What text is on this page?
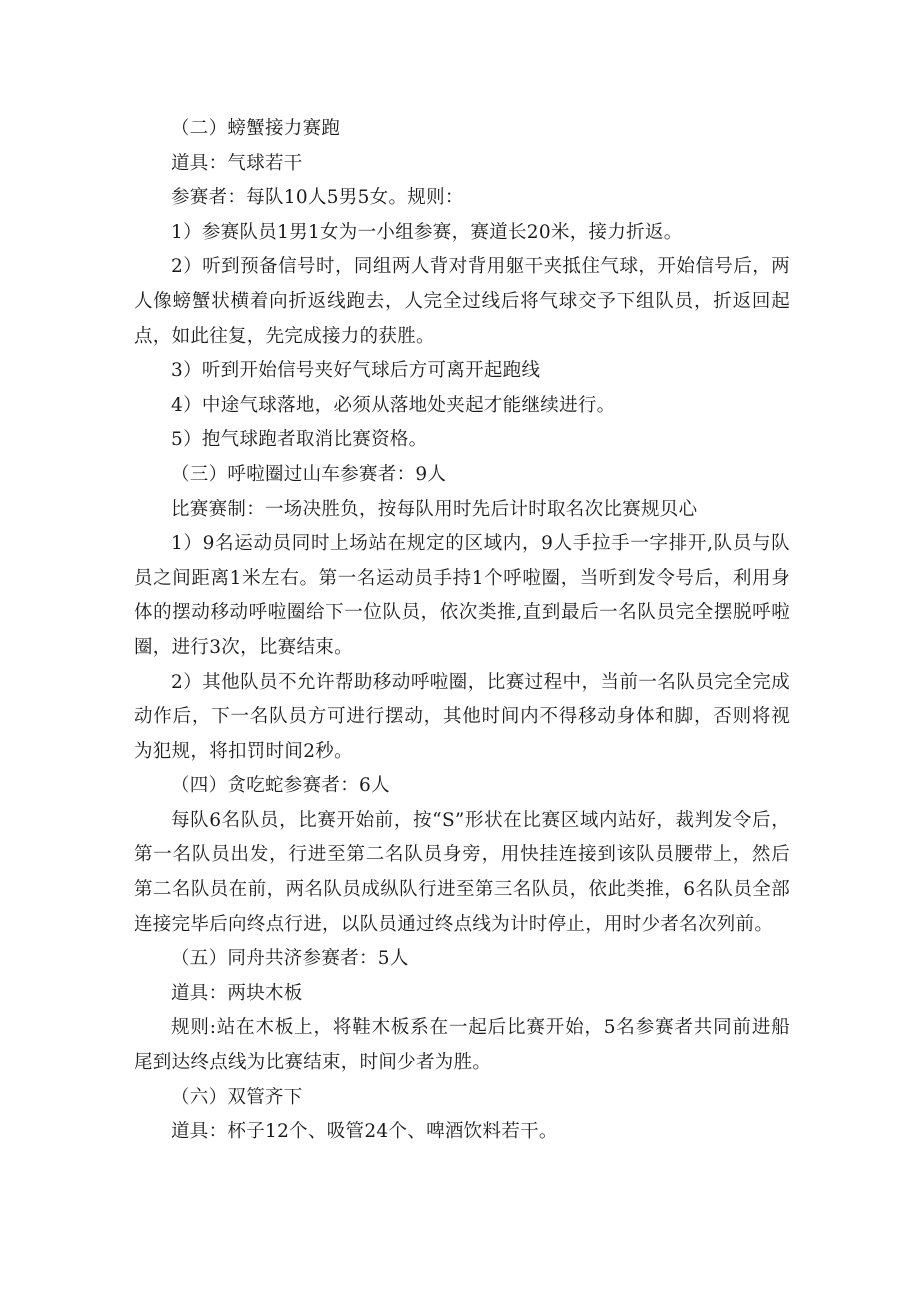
（二）螃蟹接力赛跑

道具：气球若干

参赛者：每队10人5男5女。规则：

1）参赛队员1男1女为一小组参赛，赛道长20米，接力折返。

2）听到预备信号时，同组两人背对背用躯干夹抵住气球，开始信号后，两人像螃蟹状横着向折返线跑去，人完全过线后将气球交予下组队员，折返回起点，如此往复，先完成接力的获胜。

3）听到开始信号夹好气球后方可离开起跑线

4）中途气球落地，必须从落地处夹起才能继续进行。

5）抱气球跑者取消比赛资格。

（三）呼啦圈过山车参赛者：9人

比赛赛制：一场决胜负，按每队用时先后计时取名次比赛规贝心

1）9名运动员同时上场站在规定的区域内，9人手拉手一字排开,队员与队员之间距离1米左右。第一名运动员手持1个呼啦圈，当听到发令号后，利用身体的摆动移动呼啦圈给下一位队员，依次类推,直到最后一名队员完全摆脱呼啦圈，进行3次，比赛结束。

2）其他队员不允许帮助移动呼啦圈，比赛过程中，当前一名队员完全完成动作后，下一名队员方可进行摆动，其他时间内不得移动身体和脚，否则将视为犯规，将扣罚时间2秒。

（四）贪吃蛇参赛者：6人

每队6名队员，比赛开始前，按“S”形状在比赛区域内站好，裁判发令后，第一名队员出发，行进至第二名队员身旁，用快挂连接到该队员腰带上，然后第二名队员在前，两名队员成纵队行进至第三名队员，依此类推，6名队员全部连接完毕后向终点行进，以队员通过终点线为计时停止，用时少者名次列前。

（五）同舟共济参赛者：5人

道具：两块木板

规则:站在木板上，将鞋木板系在一起后比赛开始，5名参赛者共同前进船尾到达终点线为比赛结束，时间少者为胜。

（六）双管齐下

道具：杯子12个、吸管24个、啤酒饮料若干。
